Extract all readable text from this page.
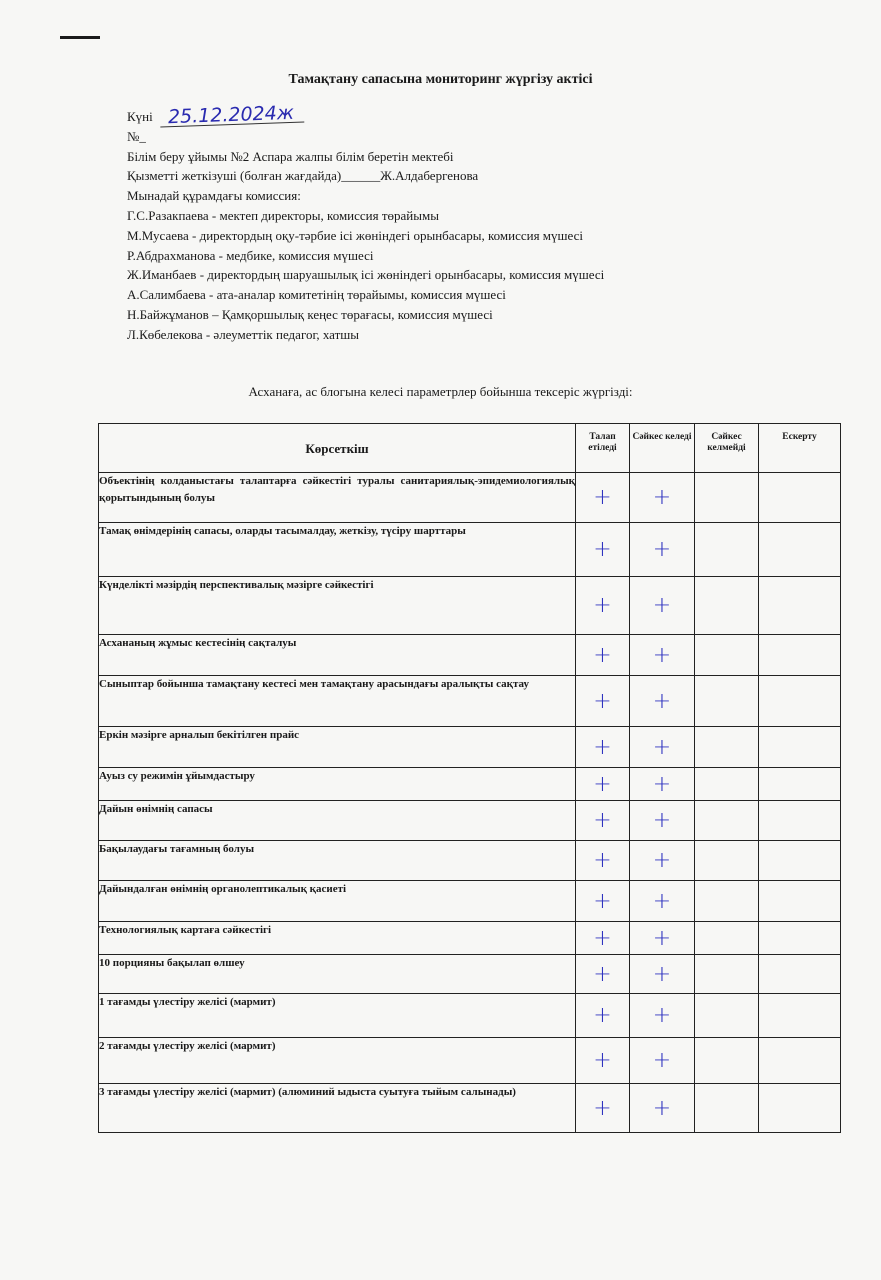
Тамақтану сапасына мониторинг жүргізу актісі
Күні 25.12.2024ж
№_
Білім беру ұйымы №2 Аспара жалпы білім беретін мектебі
Қызметті жеткізуші (болған жағдайда)______Ж.Алдабергенова
Мынадай құрамдағы комиссия:
Г.С.Разакпаева - мектеп директоры, комиссия төрайымы
М.Мусаева - директордың оқу-тәрбие ісі жөніндегі орынбасары, комиссия мүшесі
Р.Абдрахманова - медбике, комиссия мүшесі
Ж.Иманбаев - директордың шаруашылық ісі жөніндегі орынбасары, комиссия мүшесі
А.Салимбаева - ата-аналар комитетінің төрайымы, комиссия мүшесі
Н.Байжұманов – Қамқоршылық кеңес төрағасы, комиссия мүшесі
Л.Көбелекова - әлеуметтік педагог, хатшы
Асханаға, ас блогына келесі параметрлер бойынша тексеріс жүргізді:
Көрсеткіш	Талап етіледі	Сәйкес келеді	Сәйкес келмейді	Ескерту
Объектінің колданыстағы талаптарға сәйкестігі туралы санитариялық-эпидемиологиялық қорытындының болуы	+	+		
Тамақ өнімдерінің сапасы, оларды тасымалдау, жеткізу, түсіру шарттары	+	+		
Күнделікті мәзірдің перспективалық мәзірге сәйкестігі	+	+		
Асхананың жұмыс кестесінің сақталуы	+	+		
Сыныптар бойынша тамақтану кестесі мен тамақтану арасындағы аралықты сақтау	+	+		
Еркін мәзірге арналып бекітілген прайс	+	+		
Ауыз су режимін ұйымдастыру	+	+		
Дайын өнімнің сапасы	+	+		
Бақылаудағы тағамның болуы	+	+		
Дайындалған өнімнің органолептикалық қасиеті	+	+		
Технологиялық картаға сәйкестігі	+	+		
10 порцияны бақылап өлшеу	+	+		
1 тағамды үлестіру желісі (мармит)	+	+		
2 тағамды үлестіру желісі (мармит)	+	+		
3 тағамды үлестіру желісі (мармит) (алюминий ыдыста суытуға тыйым салынады)	+	+		
